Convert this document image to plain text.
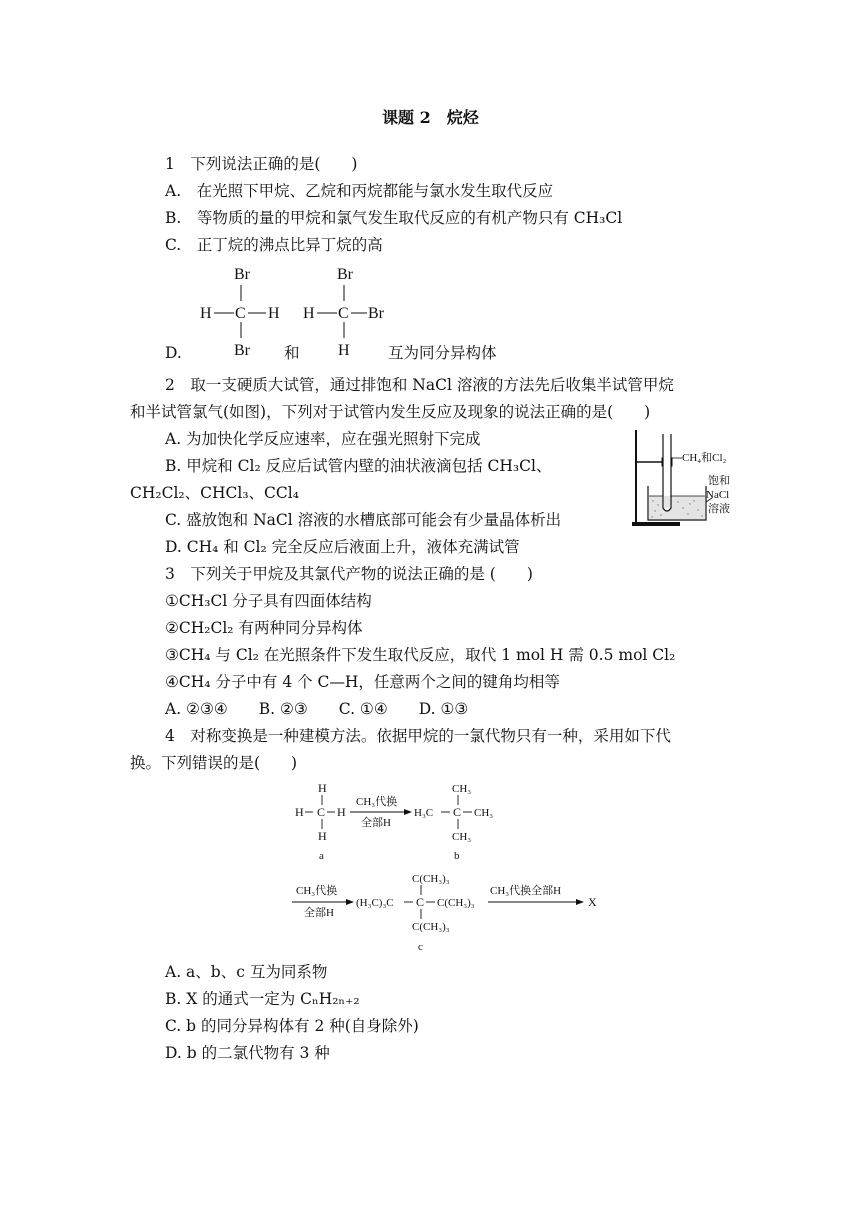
课题 2　烷烃
1　下列说法正确的是(　　)
A.　在光照下甲烷、乙烷和丙烷都能与氯水发生取代反应
B.　等物质的量的甲烷和氯气发生取代反应的有机产物只有 CH₃Cl
C.　正丁烷的沸点比异丁烷的高
D.	和	互为同分异构体
Br
H C H
Br
Br
H C Br
H
2　取一支硬质大试管，通过排饱和 NaCl 溶液的方法先后收集半试管甲烷
和半试管氯气(如图)，下列对于试管内发生反应及现象的说法正确的是(　　)
A. 为加快化学反应速率，应在强光照射下完成
B. 甲烷和 Cl₂ 反应后试管内壁的油状液滴包括 CH₃Cl、
CH₂Cl₂、CHCl₃、CCl₄
C. 盛放饱和 NaCl 溶液的水槽底部可能会有少量晶体析出
D. CH₄ 和 Cl₂ 完全反应后液面上升，液体充满试管
CH₄和Cl₂
饱和
NaCl
溶液
3　下列关于甲烷及其氯代产物的说法正确的是 (　　)
①CH₃Cl 分子具有四面体结构
②CH₂Cl₂ 有两种同分异构体
③CH₄ 与 Cl₂ 在光照条件下发生取代反应，取代 1 mol H 需 0.5 mol Cl₂
④CH₄ 分子中有 4 个 C—H，任意两个之间的键角均相等
A. ②③④　　B. ②③　　C. ①④　　D. ①③
4　对称变换是一种建模方法。依据甲烷的一氯代物只有一种，采用如下代
换。下列错误的是(　　)
H
H C H
H
a
CH₃代换
全部H
CH₃
H₃C C CH₃
CH₃
b
CH₃代换
全部H
C(CH₃)₃
(H₃C)₃C C C(CH₃)₃
C(CH₃)₃
c
CH₃代换全部H
X
A. a、b、c 互为同系物
B. X 的通式一定为 CₙH₂ₙ₊₂
C. b 的同分异构体有 2 种(自身除外)
D. b 的二氯代物有 3 种
